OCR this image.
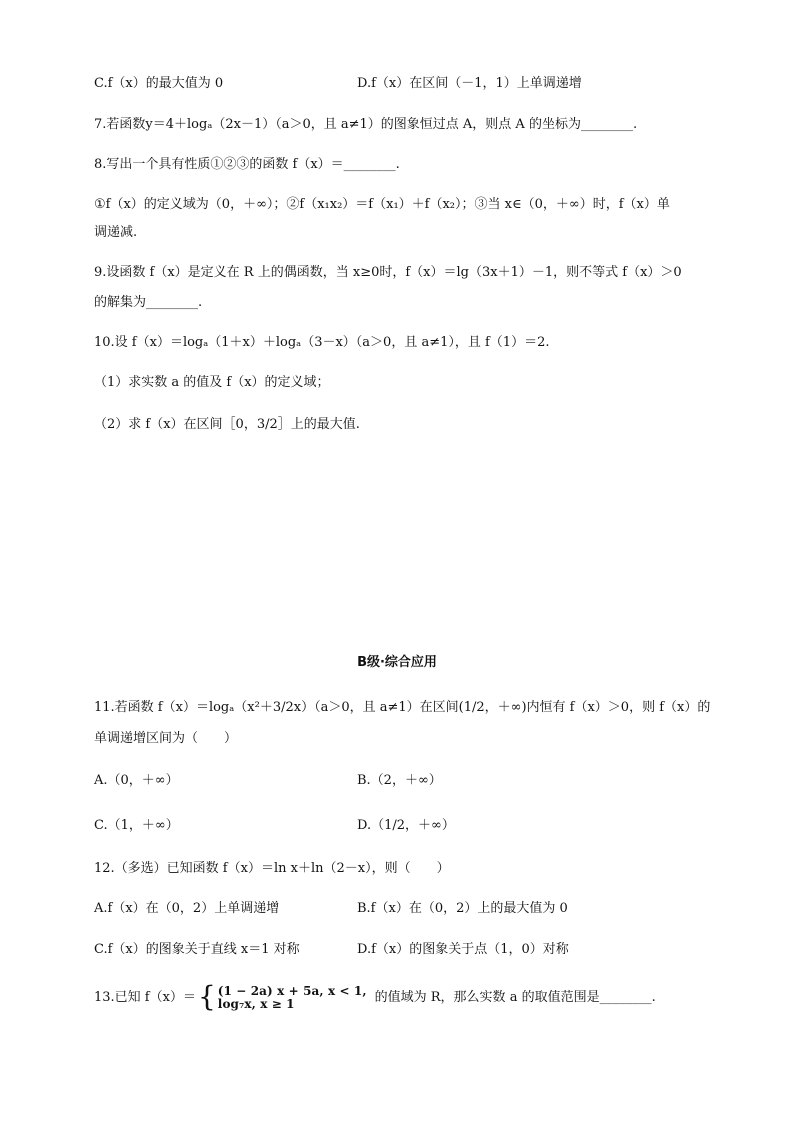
C.f（x）的最大值为 0	D.f（x）在区间（－1，1）上单调递增
7.若函数y＝4＋logₐ（2x－1）（a＞0，且 a≠1）的图象恒过点 A，则点 A 的坐标为________.
8.写出一个具有性质①②③的函数 f（x）＝________.
①f（x）的定义域为（0，＋∞）；②f（x₁x₂）＝f（x₁）＋f（x₂）；③当 x∈（0，＋∞）时，f（x）单
调递减.
9.设函数 f（x）是定义在 R 上的偶函数，当 x≥0时，f（x）＝lg（3x＋1）－1，则不等式 f（x）＞0
的解集为________.
10.设 f（x）＝logₐ（1＋x）＋logₐ（3－x）（a＞0，且 a≠1），且 f（1）＝2.
（1）求实数 a 的值及 f（x）的定义域；
（2）求 f（x）在区间［0，3/2］上的最大值.
B级·综合应用
11.若函数 f（x）＝logₐ（x²＋3/2x）（a＞0，且 a≠1）在区间(1/2，＋∞)内恒有 f（x）＞0，则 f（x）的
单调递增区间为（　　）
A.（0，＋∞）	B.（2，＋∞）
C.（1，＋∞）	D.（1/2，＋∞）
12.（多选）已知函数 f（x）＝ln x＋ln（2－x），则（　　）
A.f（x）在（0，2）上单调递增	B.f（x）在（0，2）上的最大值为 0
C.f（x）的图象关于直线 x＝1 对称	D.f（x）的图象关于点（1，0）对称
13.已知 f（x）＝ { (1 − 2a) x + 5a, x < 1,
log₇x, x ≥ 1	的值域为 R，那么实数 a 的取值范围是________.
